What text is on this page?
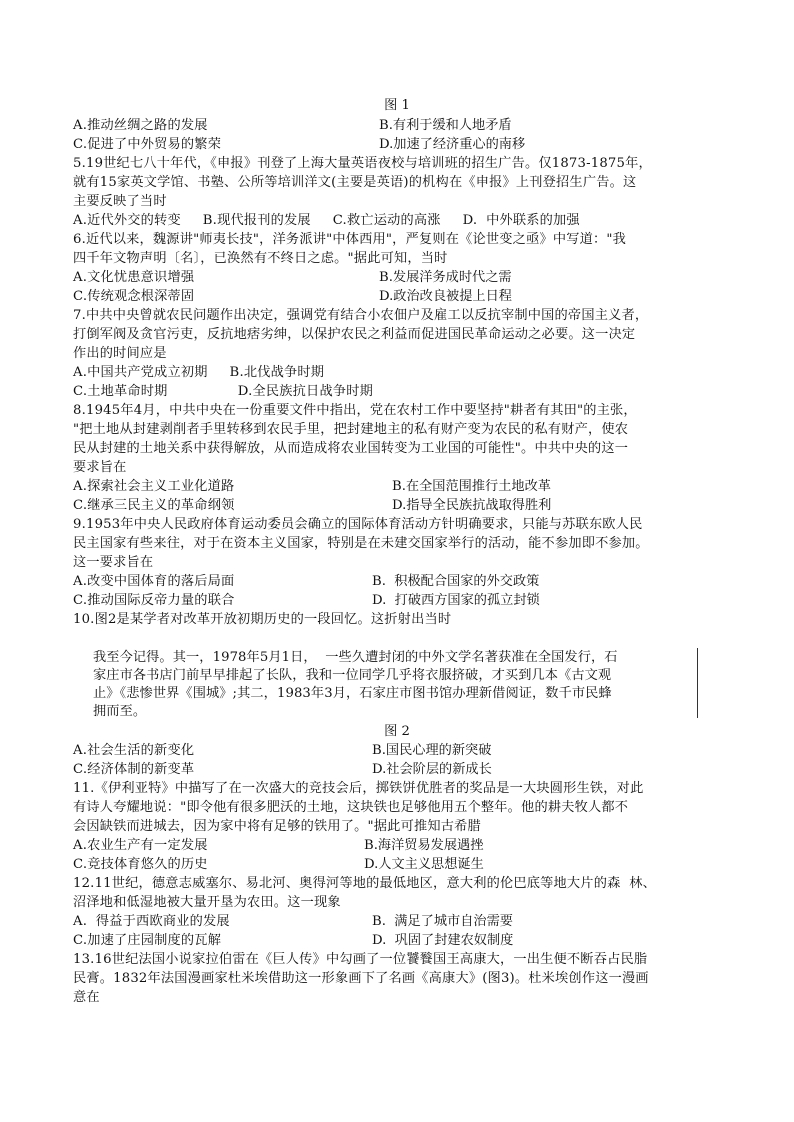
图 1
A.推动丝绸之路的发展	B.有利于缓和人地矛盾
C.促进了中外贸易的繁荣	D.加速了经济重心的南移
5.19世纪七八十年代，《申报》刊登了上海大量英语夜校与培训班的招生广告。仅1873-1875年，
就有15家英文学馆、书塾、公所等培训洋文(主要是英语)的机构在《申报》上刊登招生广告。这
主要反映了当时
A.近代外交的转变     B.现代报刊的发展     C.救亡运动的高涨     D.  中外联系的加强
6.近代以来，魏源讲"师夷长技"，洋务派讲"中体西用"，严复则在《论世变之亟》中写道："我
四千年文物声明〔名〕，已涣然有不终日之虑。"据此可知，当时
A.文化忧患意识增强	B.发展洋务成时代之需
C.传统观念根深蒂固	D.政治改良被提上日程
7.中共中央曾就农民问题作出决定，强调党有结合小农佃户及雇工以反抗宰制中国的帝国主义者，
打倒军阀及贪官污吏，反抗地痞劣绅，以保护农民之利益而促进国民革命运动之必要。这一决定
作出的时间应是
A.中国共产党成立初期     B.北伐战争时期
C.土地革命时期                D.全民族抗日战争时期
8.1945年4月，中共中央在一份重要文件中指出，党在农村工作中要坚持"耕者有其田"的主张，
"把土地从封建剥削者手里转移到农民手里，把封建地主的私有财产变为农民的私有财产，使农
民从封建的土地关系中获得解放，从而造成将农业国转变为工业国的可能性"。中共中央的这一
要求旨在
A.探索社会主义工业化道路	B.在全国范围推行土地改革
C.继承三民主义的革命纲领	D.指导全民族抗战取得胜利
9.1953年中央人民政府体育运动委员会确立的国际体育活动方针明确要求，只能与苏联东欧人民
民主国家有些来往，对于在资本主义国家，特别是在未建交国家举行的活动，能不参加即不参加。
这一要求旨在
A.改变中国体育的落后局面	B.  积极配合国家的外交政策
C.推动国际反帝力量的联合	D.  打破西方国家的孤立封锁
10.图2是某学者对改革开放初期历史的一段回忆。这折射出当时
我至今记得。其一，1978年5月1日，  一些久遭封闭的中外文学名著获准在全国发行，石
家庄市各书店门前早早排起了长队，我和一位同学几乎将衣服挤破，才买到几本《古文观
止》《悲惨世界《围城》;其二，1983年3月，石家庄市图书馆办理新借阅证，数千市民蜂
拥而至。
图 2
A.社会生活的新变化	B.国民心理的新突破
C.经济体制的新变革	D.社会阶层的新成长
11.《伊利亚特》中描写了在一次盛大的竞技会后，掷铁饼优胜者的奖品是一大块圆形生铁，对此
有诗人夸耀地说："即令他有很多肥沃的土地，这块铁也足够他用五个整年。他的耕夫牧人都不
会因缺铁而进城去，因为家中将有足够的铁用了。"据此可推知古希腊
A.农业生产有一定发展	B.海洋贸易发展遇挫
C.竞技体育悠久的历史	D.人文主义思想诞生
12.11世纪，德意志威塞尔、易北河、奥得河等地的最低地区，意大利的伦巴底等地大片的森  林、
沼泽地和低湿地被大量开垦为农田。这一现象
A.  得益于西欧商业的发展	B.  满足了城市自治需要
C.加速了庄园制度的瓦解	D.  巩固了封建农奴制度
13.16世纪法国小说家拉伯雷在《巨人传》中勾画了一位饕餮国王高康大，一出生便不断吞占民脂
民膏。1832年法国漫画家杜米埃借助这一形象画下了名画《高康大》(图3)。杜米埃创作这一漫画
意在
